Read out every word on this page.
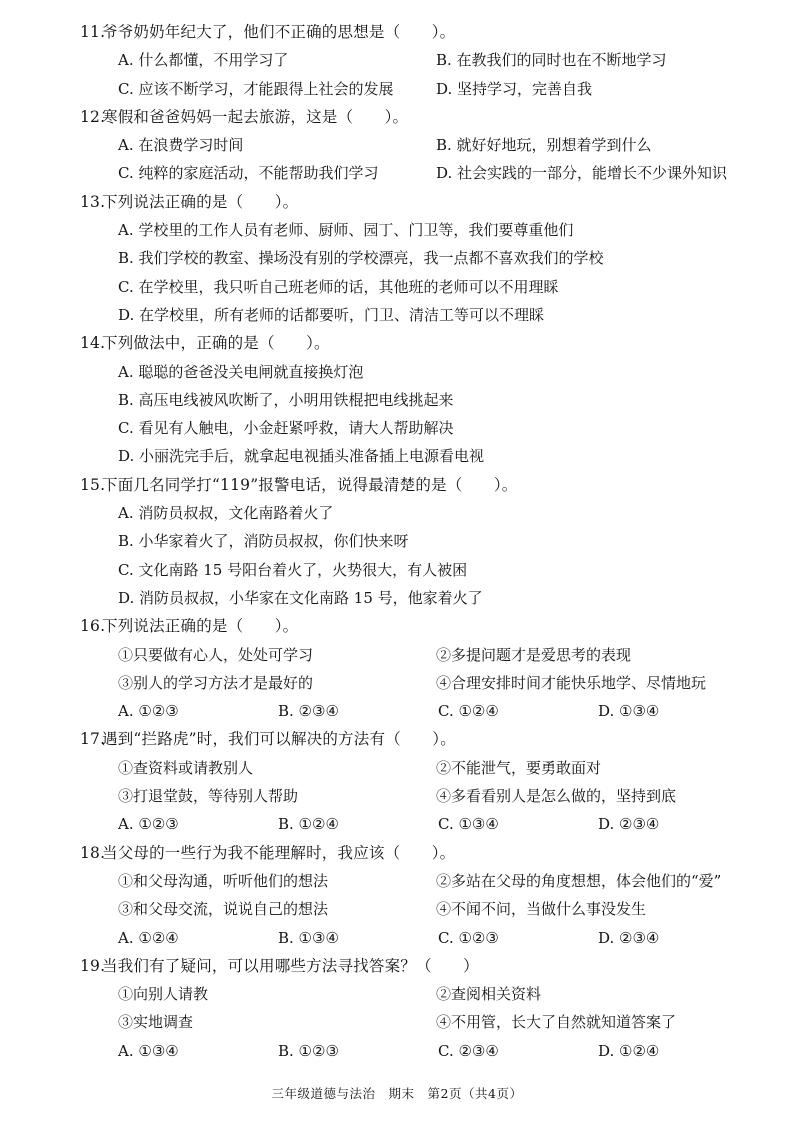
11.爷爷奶奶年纪大了，他们不正确的思想是（　　）。
A. 什么都懂，不用学习了	B. 在教我们的同时也在不断地学习
C. 应该不断学习，才能跟得上社会的发展	D. 坚持学习，完善自我
12.寒假和爸爸妈妈一起去旅游，这是（　　）。
A. 在浪费学习时间	B. 就好好地玩，别想着学到什么
C. 纯粹的家庭活动，不能帮助我们学习	D. 社会实践的一部分，能增长不少课外知识
13.下列说法正确的是（　　）。
A. 学校里的工作人员有老师、厨师、园丁、门卫等，我们要尊重他们
B. 我们学校的教室、操场没有别的学校漂亮，我一点都不喜欢我们的学校
C. 在学校里，我只听自己班老师的话，其他班的老师可以不用理睬
D. 在学校里，所有老师的话都要听，门卫、清洁工等可以不理睬
14.下列做法中，正确的是（　　）。
A. 聪聪的爸爸没关电闸就直接换灯泡
B. 高压电线被风吹断了，小明用铁棍把电线挑起来
C. 看见有人触电，小金赶紧呼救，请大人帮助解决
D. 小丽洗完手后，就拿起电视插头准备插上电源看电视
15.下面几名同学打“119”报警电话，说得最清楚的是（　　）。
A. 消防员叔叔，文化南路着火了
B. 小华家着火了，消防员叔叔，你们快来呀
C. 文化南路 15 号阳台着火了，火势很大，有人被困
D. 消防员叔叔，小华家在文化南路 15 号，他家着火了
16.下列说法正确的是（　　）。
①只要做有心人，处处可学习	②多提问题才是爱思考的表现
③别人的学习方法才是最好的	④合理安排时间才能快乐地学、尽情地玩
A. ①②③	B. ②③④	C. ①②④	D. ①③④
17.遇到“拦路虎”时，我们可以解决的方法有（　　）。
①查资料或请教别人	②不能泄气，要勇敢面对
③打退堂鼓，等待别人帮助	④多看看别人是怎么做的，坚持到底
A. ①②③	B. ①②④	C. ①③④	D. ②③④
18.当父母的一些行为我不能理解时，我应该（　　）。
①和父母沟通，听听他们的想法	②多站在父母的角度想想，体会他们的“爱”
③和父母交流，说说自己的想法	④不闻不问，当做什么事没发生
A. ①②④	B. ①③④	C. ①②③	D. ②③④
19.当我们有了疑问，可以用哪些方法寻找答案？（　　）
①向别人请教	②查阅相关资料
③实地调查	④不用管，长大了自然就知道答案了
A. ①③④	B. ①②③	C. ②③④	D. ①②④
三年级道德与法治　期末　第2页（共4页）
